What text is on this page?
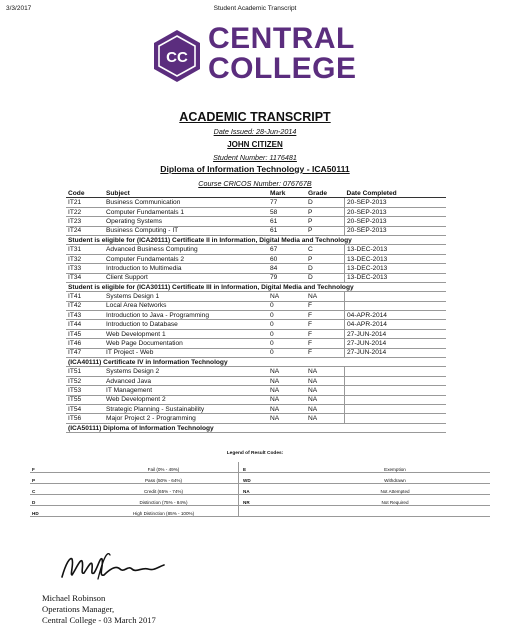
3/3/2017	Student Academic Transcript
CC
CENTRAL
COLLEGE
ACADEMIC TRANSCRIPT
Date Issued: 28-Jun-2014
JOHN CITIZEN
Student Number: 1176481
Diploma of Information Technology - ICA50111
Course CRICOS Number: 076767B
Code	Subject	Mark	Grade	Date Completed
IT21	Business Communication	77	D	20-SEP-2013
IT22	Computer Fundamentals 1	58	P	20-SEP-2013
IT23	Operating Systems	61	P	20-SEP-2013
IT24	Business Computing - IT	61	P	20-SEP-2013
Student is eligible for (ICA20111) Certificate II in Information, Digital Media and Technology				
IT31	Advanced Business Computing	67	C	13-DEC-2013
IT32	Computer Fundamentals 2	60	P	13-DEC-2013
IT33	Introduction to Multimedia	84	D	13-DEC-2013
IT34	Client Support	79	D	13-DEC-2013
Student is eligible for (ICA30111) Certificate III in Information, Digital Media and Technology				
IT41	Systems Design 1	NA	NA	
IT42	Local Area Networks	0	F	
IT43	Introduction to Java - Programming	0	F	04-APR-2014
IT44	Introduction to Database	0	F	04-APR-2014
IT45	Web Development 1	0	F	27-JUN-2014
IT46	Web Page Documentation	0	F	27-JUN-2014
IT47	IT Project - Web	0	F	27-JUN-2014
(ICA40111) Certificate IV in Information Technology				
IT51	Systems Design 2	NA	NA	
IT52	Advanced Java	NA	NA	
IT53	IT Management	NA	NA	
IT55	Web Development 2	NA	NA	
IT54	Strategic Planning - Sustainability	NA	NA	
IT56	Major Project 2 - Programming	NA	NA	
(ICA50111) Diploma of Information Technology				
Legend of Result Codes:
F	Fail (0% - 49%)	E	Exemption
P	Pass (50% - 64%)	WD	Withdrawn
C	Credit (65% - 74%)	NA	Not Attempted
D	Distinction (75% - 84%)	NR	Not Required
HD	High Distinction (85% - 100%)		
Michael Robinson
Operations Manager,
Central College - 03 March 2017
